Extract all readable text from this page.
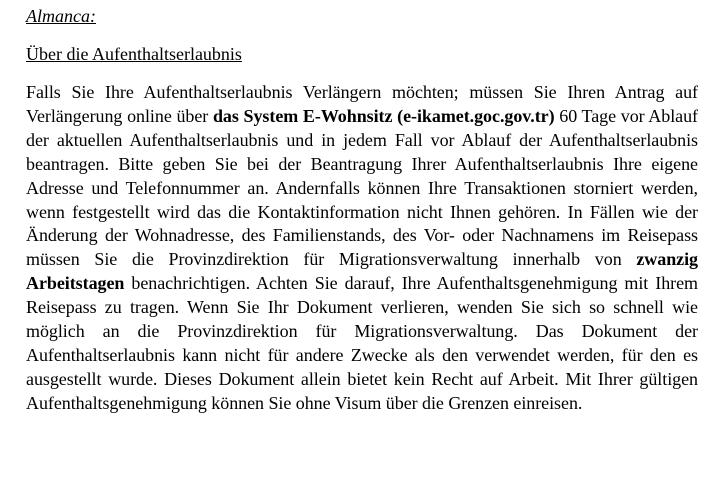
Almanca:

Über die Aufenthaltserlaubnis

Falls Sie Ihre Aufenthaltserlaubnis Verlängern möchten; müssen Sie Ihren Antrag auf Verlängerung online über das System E-Wohnsitz (e-ikamet.goc.gov.tr) 60 Tage vor Ablauf der aktuellen Aufenthaltserlaubnis und in jedem Fall vor Ablauf der Aufenthaltserlaubnis beantragen. Bitte geben Sie bei der Beantragung Ihrer Aufenthaltserlaubnis Ihre eigene Adresse und Telefonnummer an. Andernfalls können Ihre Transaktionen storniert werden, wenn festgestellt wird das die Kontaktinformation nicht Ihnen gehören. In Fällen wie der Änderung der Wohnadresse, des Familienstands, des Vor- oder Nachnamens im Reisepass müssen Sie die Provinzdirektion für Migrationsverwaltung innerhalb von zwanzig Arbeitstagen benachrichtigen. Achten Sie darauf, Ihre Aufenthaltsgenehmigung mit Ihrem Reisepass zu tragen. Wenn Sie Ihr Dokument verlieren, wenden Sie sich so schnell wie möglich an die Provinzdirektion für Migrationsverwaltung. Das Dokument der Aufenthaltserlaubnis kann nicht für andere Zwecke als den verwendet werden, für den es ausgestellt wurde. Dieses Dokument allein bietet kein Recht auf Arbeit. Mit Ihrer gültigen Aufenthaltsgenehmigung können Sie ohne Visum über die Grenzen einreisen.
